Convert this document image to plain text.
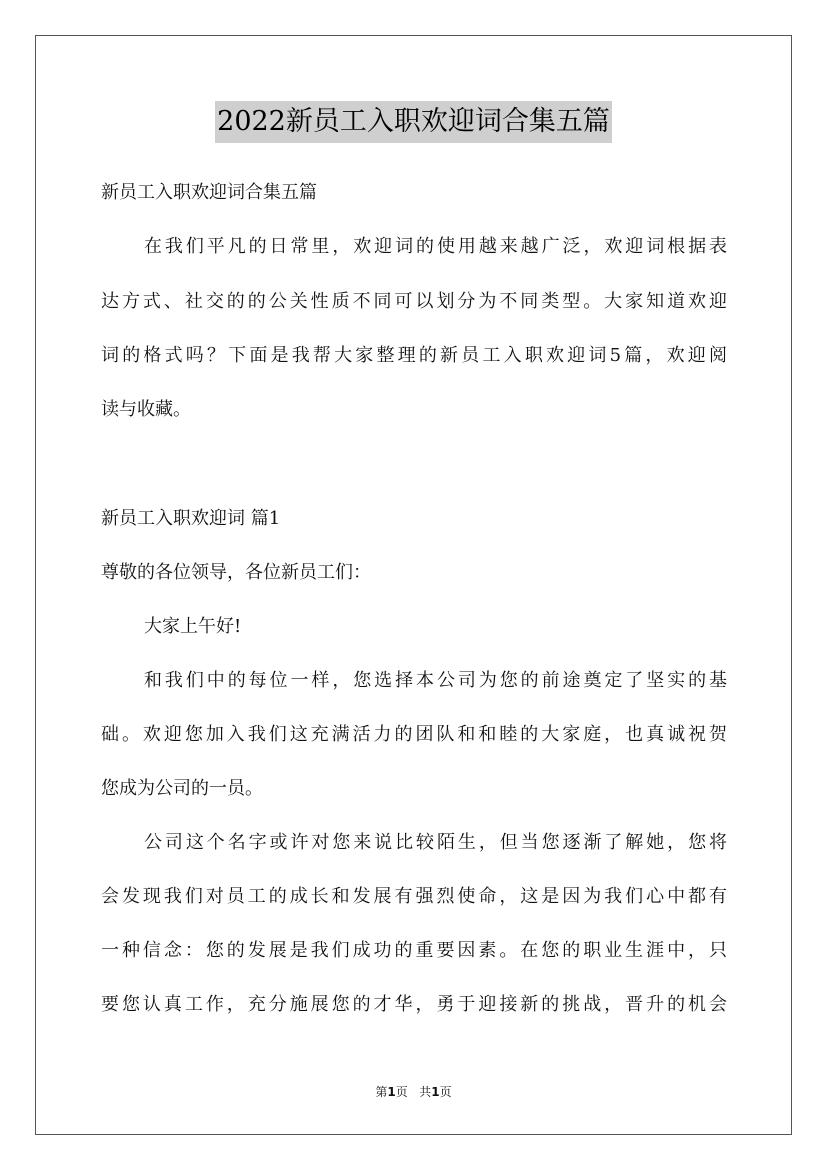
2022新员工入职欢迎词合集五篇
新员工入职欢迎词合集五篇
在我们平凡的日常里，欢迎词的使用越来越广泛，欢迎词根据表
达方式、社交的的公关性质不同可以划分为不同类型。大家知道欢迎
词的格式吗？下面是我帮大家整理的新员工入职欢迎词5篇，欢迎阅
读与收藏。
新员工入职欢迎词 篇1
尊敬的各位领导，各位新员工们：
大家上午好!
和我们中的每位一样，您选择本公司为您的前途奠定了坚实的基
础。欢迎您加入我们这充满活力的团队和和睦的大家庭，也真诚祝贺
您成为公司的一员。
公司这个名字或许对您来说比较陌生，但当您逐渐了解她，您将
会发现我们对员工的成长和发展有强烈使命，这是因为我们心中都有
一种信念：您的发展是我们成功的重要因素。在您的职业生涯中，只
要您认真工作，充分施展您的才华，勇于迎接新的挑战，晋升的机会
第1页 共1页
